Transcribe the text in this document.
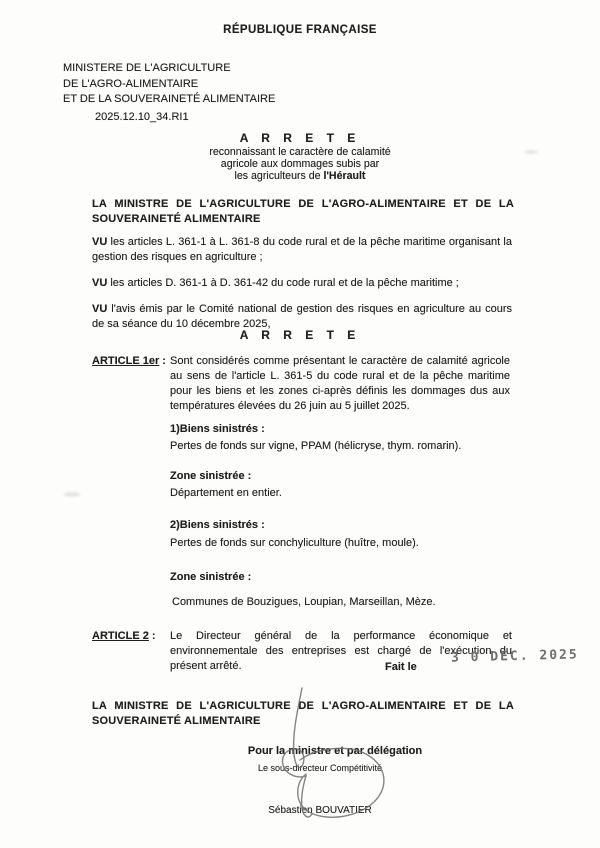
RÉPUBLIQUE FRANÇAISE
MINISTERE DE L'AGRICULTURE
DE L'AGRO-ALIMENTAIRE
ET DE LA SOUVERAINETÉ ALIMENTAIRE
2025.12.10_34.RI1
A R R E T E
reconnaissant le caractère de calamité
agricole aux dommages subis par
les agriculteurs de l'Hérault
LA MINISTRE DE L'AGRICULTURE DE L'AGRO-ALIMENTAIRE ET DE LA SOUVERAINETÉ ALIMENTAIRE
VU les articles L. 361-1 à L. 361-8 du code rural et de la pêche maritime organisant la gestion des risques en agriculture ;
VU les articles D. 361-1 à D. 361-42 du code rural et de la pêche maritime ;
VU l'avis émis par le Comité national de gestion des risques en agriculture au cours de sa séance du 10 décembre 2025,
A R R E T E
ARTICLE 1er : Sont considérés comme présentant le caractère de calamité agricole au sens de l'article L. 361-5 du code rural et de la pêche maritime pour les biens et les zones ci-après définis les dommages dus aux températures élevées du 26 juin au 5 juillet 2025.
1)Biens sinistrés :
Pertes de fonds sur vigne, PPAM (hélicryse, thym. romarin).
Zone sinistrée :
Département en entier.
2)Biens sinistrés :
Pertes de fonds sur conchyliculture (huître, moule).
Zone sinistrée :
Communes de Bouzigues, Loupian, Marseillan, Mèze.
ARTICLE 2 : Le Directeur général de la performance économique et environnementale des entreprises est chargé de l'exécution du présent arrêté.	Fait le
3 0 DEC. 2025
LA MINISTRE DE L'AGRICULTURE DE L'AGRO-ALIMENTAIRE ET DE LA SOUVERAINETÉ ALIMENTAIRE
Pour la ministre et par délégation
Le sous-directeur Compétitivité
Sébastien BOUVATIER
